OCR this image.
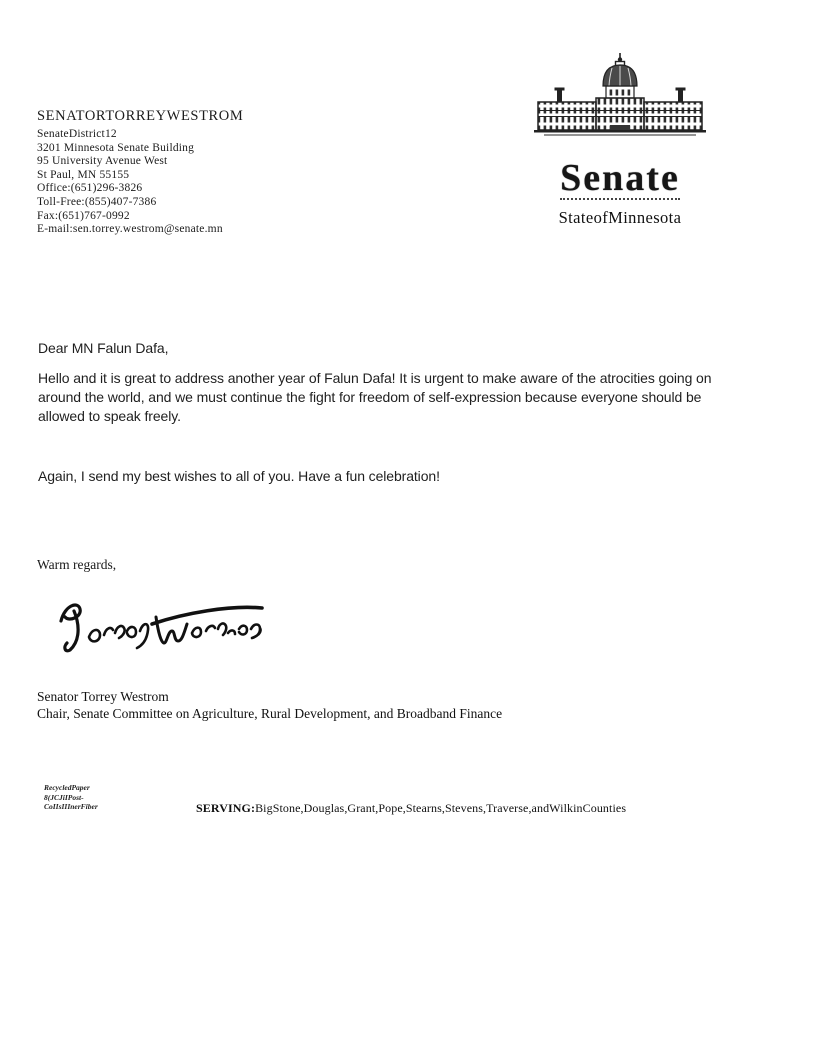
SENATORTORREYWESTROM
SenateDistrict12
3201 Minnesota Senate Building
95 University Avenue West
St Paul, MN 55155
Office:(651)296-3826
Toll-Free:(855)407-7386
Fax:(651)767-0992
E-mail:sen.torrey.westrom@senate.mn
Senate
StateofMinnesota
Dear MN Falun Dafa,
Hello and it is great to address another year of Falun Dafa! It is urgent to make aware of the atrocities going on around the world, and we must continue the fight for freedom of self-expression because everyone should be allowed to speak freely.
Again, I send my best wishes to all of you. Have a fun celebration!
Warm regards,
Senator Torrey Westrom
Chair, Senate Committee on Agriculture, Rural Development, and Broadband Finance
RecycledPaper
8(JCJiIPost-
CoIIsIIInerFiber	SERVING:BigStone,Douglas,Grant,Pope,Stearns,Stevens,Traverse,andWilkinCounties
